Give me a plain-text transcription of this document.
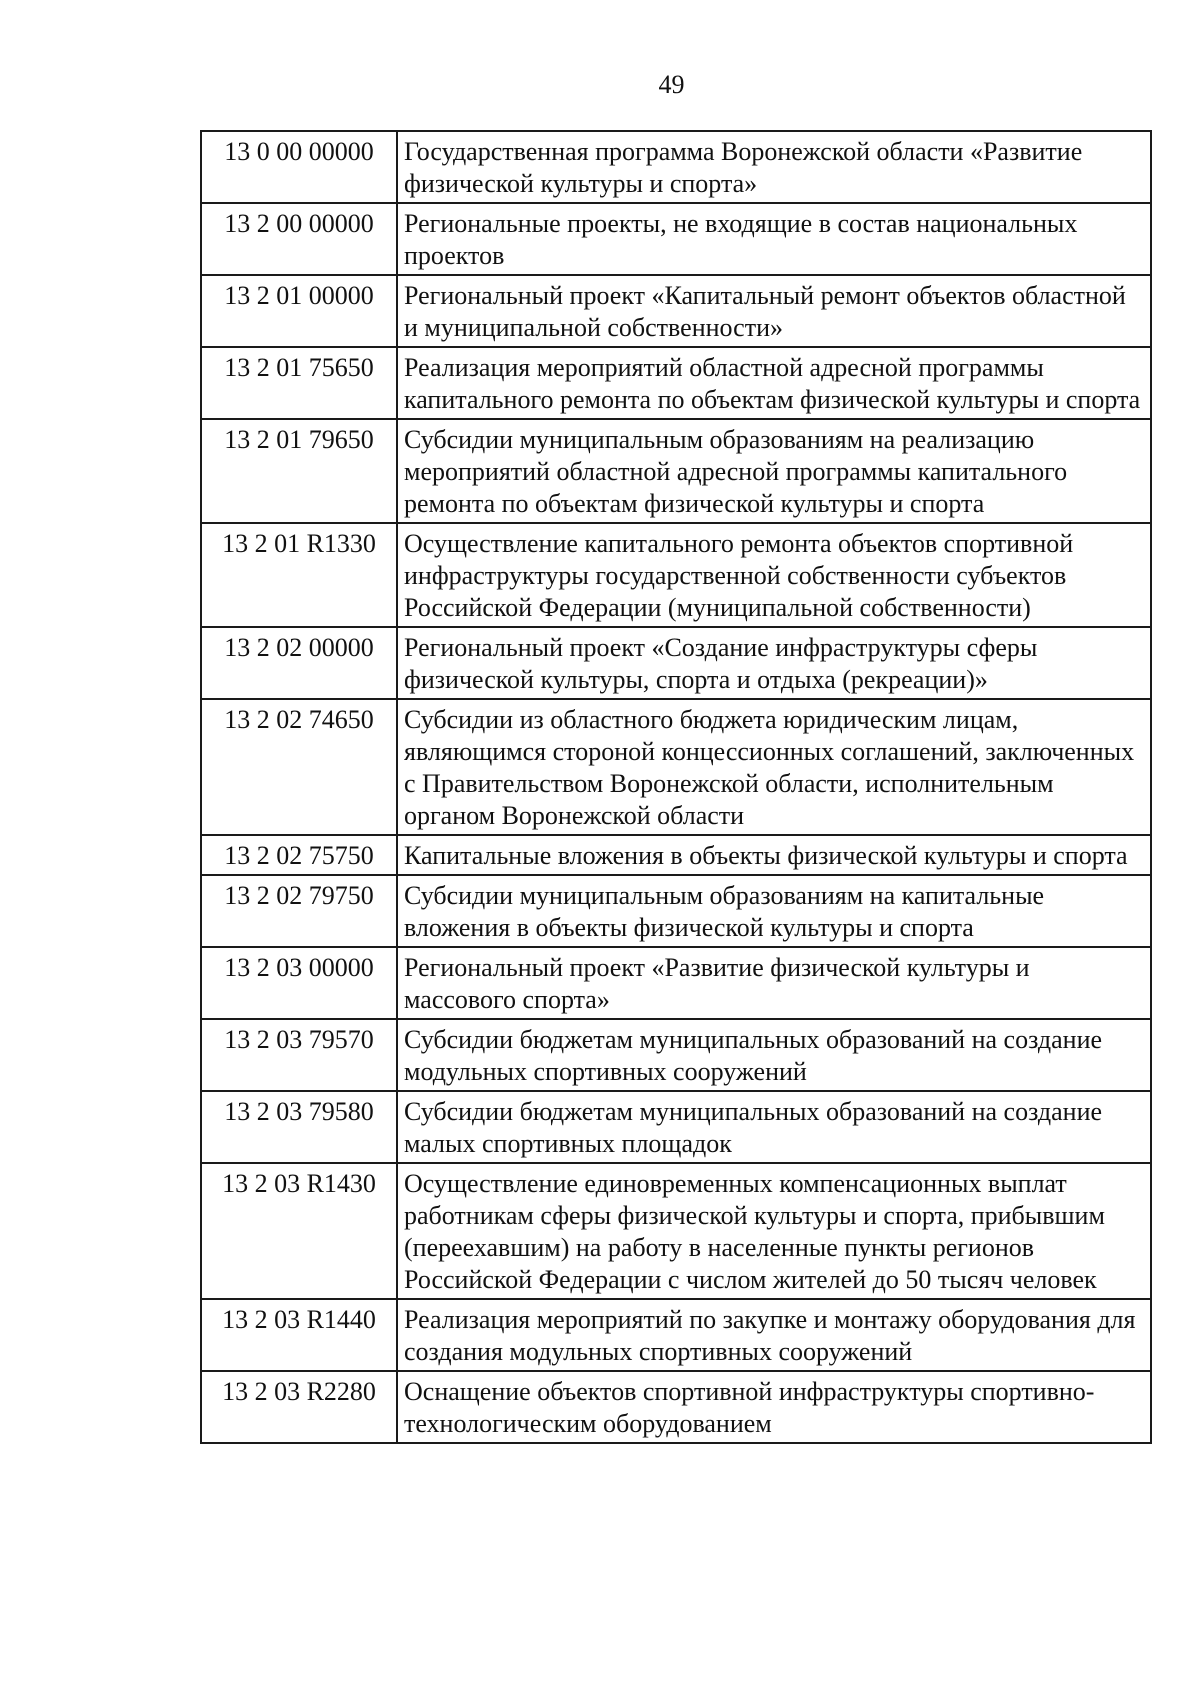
49
13 0 00 00000	Государственная программа Воронежской области «Развитие физической культуры и спорта»
13 2 00 00000	Региональные проекты, не входящие в состав национальных проектов
13 2 01 00000	Региональный проект «Капитальный ремонт объектов областной и муниципальной собственности»
13 2 01 75650	Реализация мероприятий областной адресной программы капитального ремонта по объектам физической культуры и спорта
13 2 01 79650	Субсидии муниципальным образованиям на реализацию мероприятий областной адресной программы капитального ремонта по объектам физической культуры и спорта
13 2 01 R1330	Осуществление капитального ремонта объектов спортивной инфраструктуры государственной собственности субъектов Российской Федерации (муниципальной собственности)
13 2 02 00000	Региональный проект «Создание инфраструктуры сферы физической культуры, спорта и отдыха (рекреации)»
13 2 02 74650	Субсидии из областного бюджета юридическим лицам, являющимся стороной концессионных соглашений, заключенных с Правительством Воронежской области, исполнительным органом Воронежской области
13 2 02 75750	Капитальные вложения в объекты физической культуры и спорта
13 2 02 79750	Субсидии муниципальным образованиям на капитальные вложения в объекты физической культуры и спорта
13 2 03 00000	Региональный проект «Развитие физической культуры и массового спорта»
13 2 03 79570	Субсидии бюджетам муниципальных образований на создание модульных спортивных сооружений
13 2 03 79580	Субсидии бюджетам муниципальных образований на создание малых спортивных площадок
13 2 03 R1430	Осуществление единовременных компенсационных выплат работникам сферы физической культуры и спорта, прибывшим (переехавшим) на работу в населенные пункты регионов Российской Федерации с числом жителей до 50 тысяч человек
13 2 03 R1440	Реализация мероприятий по закупке и монтажу оборудования для создания модульных спортивных сооружений
13 2 03 R2280	Оснащение объектов спортивной инфраструктуры спортивно-технологическим оборудованием
